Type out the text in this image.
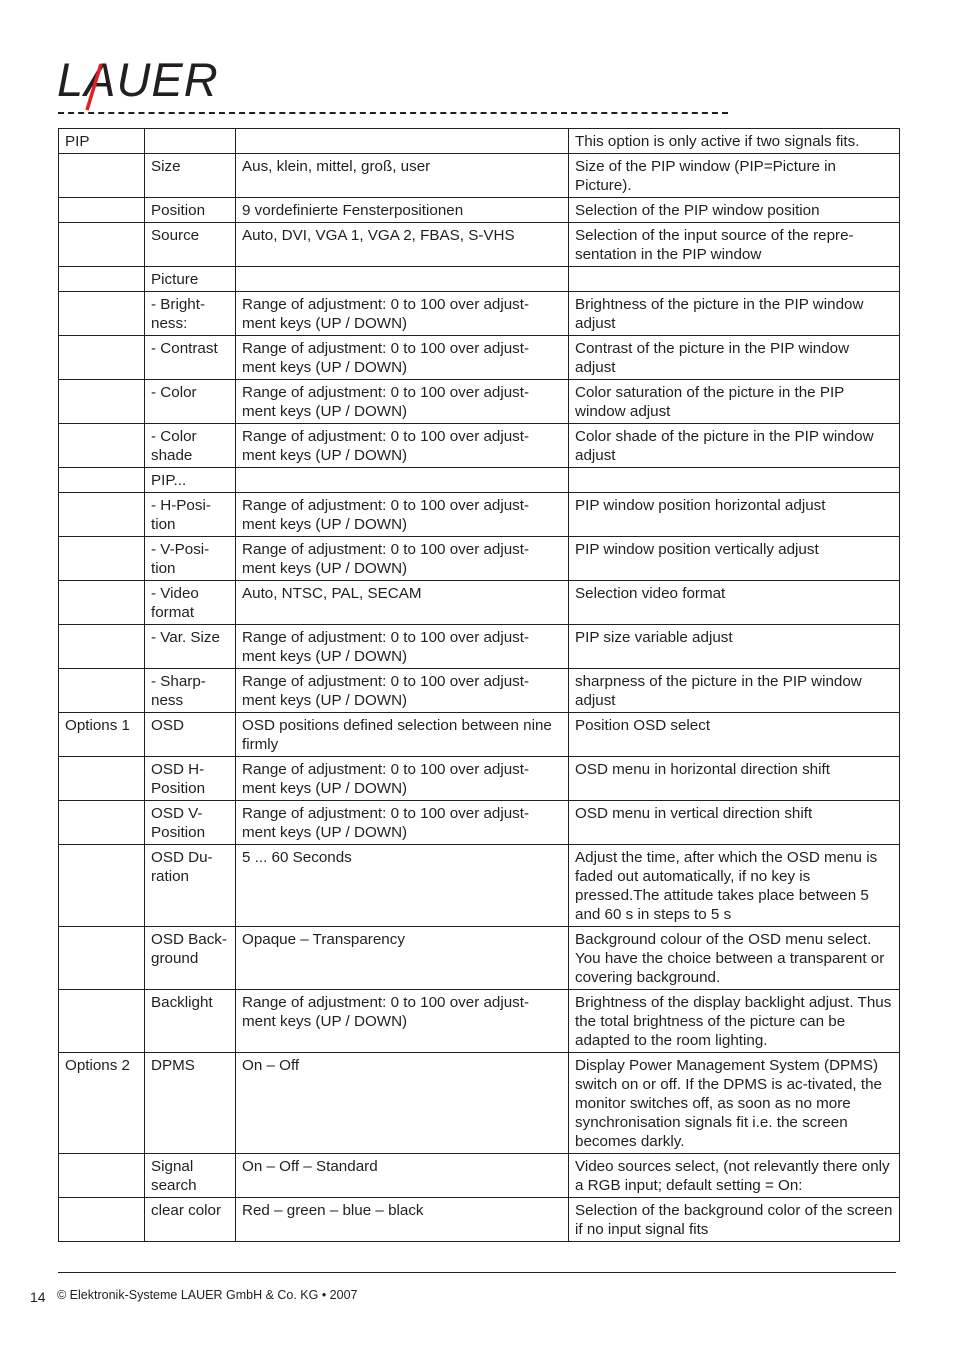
LAUER
PIP			This option is only active if two signals fits.
	Size	Aus, klein, mittel, groß, user	Size of the PIP window (PIP=Picture in Picture).
	Position	9 vordefinierte Fensterpositionen	Selection of the PIP window position
	Source	Auto, DVI, VGA 1, VGA 2, FBAS, S-VHS	Selection of the input source of the repre-sentation in the PIP window
	Picture		
	- Bright-ness:	Range of adjustment: 0 to 100 over adjust-ment keys (UP / DOWN)	Brightness of the picture in the PIP window adjust
	- Contrast	Range of adjustment: 0 to 100 over adjust-ment keys (UP / DOWN)	Contrast of the picture in the PIP window adjust
	- Color	Range of adjustment: 0 to 100 over adjust-ment keys (UP / DOWN)	Color saturation of the picture in the PIP window adjust
	- Color shade	Range of adjustment: 0 to 100 over adjust-ment keys (UP / DOWN)	Color shade of the picture in the PIP window adjust
	PIP...		
	- H-Posi-tion	Range of adjustment: 0 to 100 over adjust-ment keys (UP / DOWN)	PIP window position horizontal adjust
	- V-Posi-tion	Range of adjustment: 0 to 100 over adjust-ment keys (UP / DOWN)	PIP window position vertically adjust
	- Video format	Auto, NTSC, PAL, SECAM	Selection video format
	- Var. Size	Range of adjustment: 0 to 100 over adjust-ment keys (UP / DOWN)	PIP size variable adjust
	- Sharp-ness	Range of adjustment: 0 to 100 over adjust-ment keys (UP / DOWN)	sharpness of the picture in the PIP window adjust
Options 1	OSD	OSD positions defined selection between nine firmly	Position OSD select
	OSD H-Position	Range of adjustment: 0 to 100 over adjust-ment keys (UP / DOWN)	OSD menu in horizontal direction shift
	OSD V-Position	Range of adjustment: 0 to 100 over adjust-ment keys (UP / DOWN)	OSD menu in vertical direction shift
	OSD Du-ration	5 ... 60 Seconds	Adjust the time, after which the OSD menu is faded out automatically, if no key is pressed.The attitude takes place between 5 and 60 s in steps to 5 s
	OSD Back-ground	Opaque – Transparency	Background colour of the OSD menu select. You have the choice between a transparent or covering background.
	Backlight	Range of adjustment: 0 to 100 over adjust-ment keys (UP / DOWN)	Brightness of the display backlight adjust. Thus the total brightness of the picture can be adapted to the room lighting.
Options 2	DPMS	On – Off	Display Power Management System (DPMS) switch on or off. If the DPMS is ac-tivated, the monitor switches off, as soon as no more synchronisation signals fit i.e. the screen becomes darkly.
	Signal search	On – Off – Standard	Video sources select, (not relevantly there only a RGB input; default setting = On:
	clear color	Red – green – blue – black	Selection of the background color of the screen if no input signal fits
14 © Elektronik-Systeme LAUER GmbH & Co. KG • 2007
